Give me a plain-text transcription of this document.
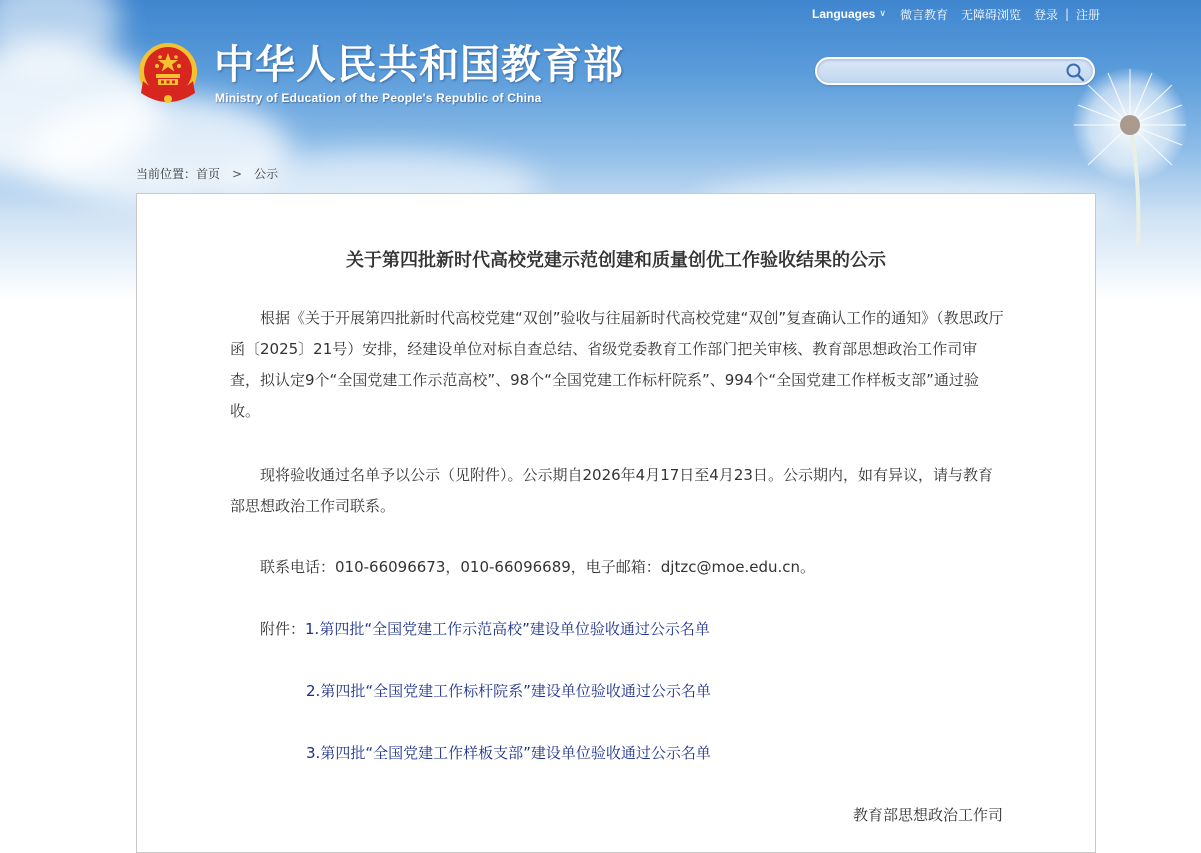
Languages ∨ 微言教育 无障碍浏览 登录 | 注册
中华人民共和国教育部
Ministry of Education of the People's Republic of China
当前位置：首页 > 公示
关于第四批新时代高校党建示范创建和质量创优工作验收结果的公示
根据《关于开展第四批新时代高校党建“双创”验收与往届新时代高校党建“双创”复查确认工作的通知》（教思政厅函〔2025〕21号）安排，经建设单位对标自查总结、省级党委教育工作部门把关审核、教育部思想政治工作司审查，拟认定9个“全国党建工作示范高校”、98个“全国党建工作标杆院系”、994个“全国党建工作样板支部”通过验收。
现将验收通过名单予以公示（见附件）。公示期自2026年4月17日至4月23日。公示期内，如有异议，请与教育部思想政治工作司联系。
联系电话：010-66096673，010-66096689，电子邮箱：djtzc@moe.edu.cn。
附件：1.第四批“全国党建工作示范高校”建设单位验收通过公示名单
2.第四批“全国党建工作标杆院系”建设单位验收通过公示名单
3.第四批“全国党建工作样板支部”建设单位验收通过公示名单
教育部思想政治工作司
